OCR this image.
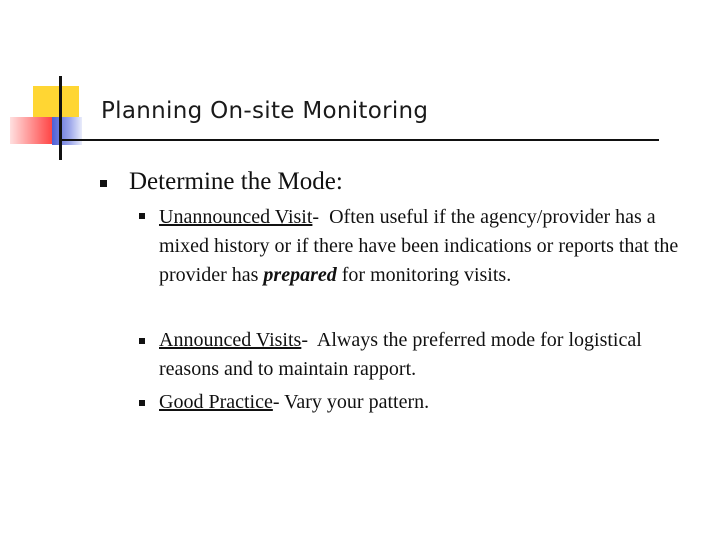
Planning On-site Monitoring
Determine the Mode:
Unannounced Visit-  Often useful if the agency/provider has a mixed history or if there have been indications or reports that the provider has prepared for monitoring visits.
Announced Visits-  Always the preferred mode for logistical reasons and to maintain rapport.
Good Practice- Vary your pattern.
